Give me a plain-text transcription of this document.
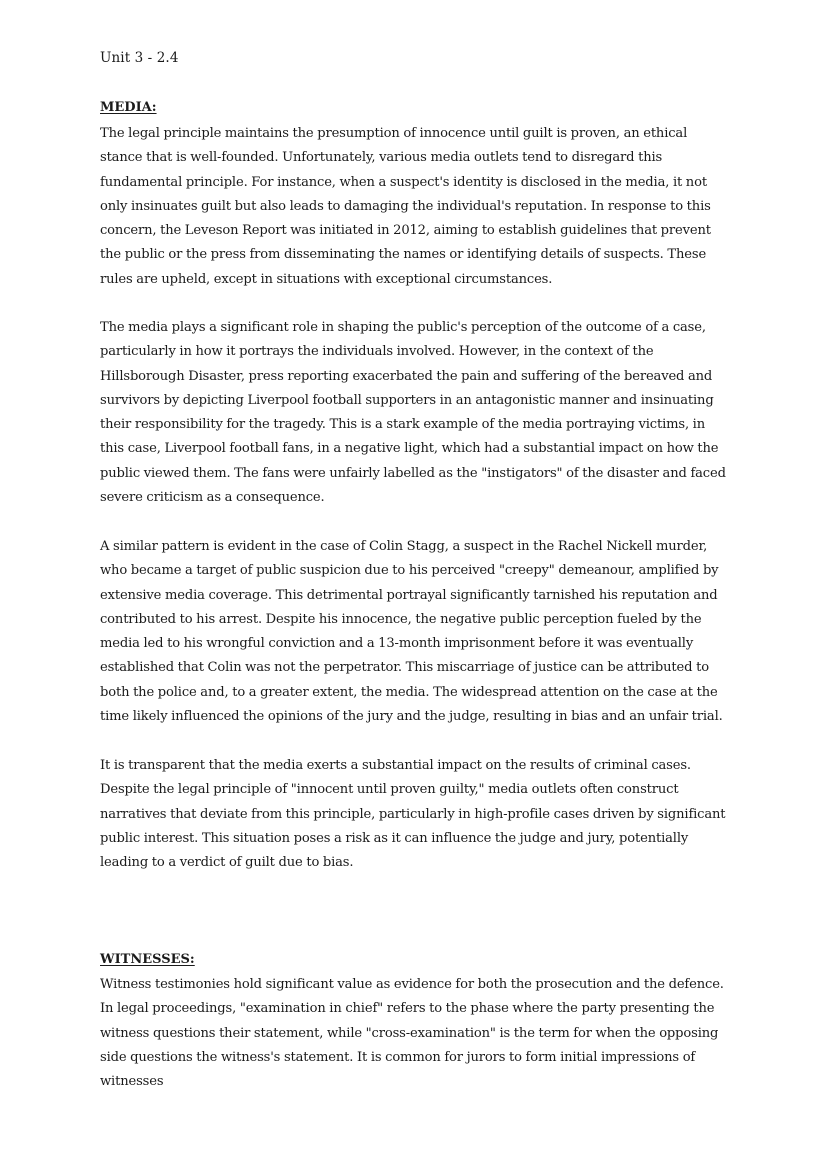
Unit 3 - 2.4
MEDIA:

The legal principle maintains the presumption of innocence until guilt is proven, an ethical stance that is well-founded. Unfortunately, various media outlets tend to disregard this fundamental principle. For instance, when a suspect's identity is disclosed in the media, it not only insinuates guilt but also leads to damaging the individual's reputation. In response to this concern, the Leveson Report was initiated in 2012, aiming to establish guidelines that prevent the public or the press from disseminating the names or identifying details of suspects. These rules are upheld, except in situations with exceptional circumstances.

The media plays a significant role in shaping the public's perception of the outcome of a case, particularly in how it portrays the individuals involved. However, in the context of the Hillsborough Disaster, press reporting exacerbated the pain and suffering of the bereaved and survivors by depicting Liverpool football supporters in an antagonistic manner and insinuating their responsibility for the tragedy. This is a stark example of the media portraying victims, in this case, Liverpool football fans, in a negative light, which had a substantial impact on how the public viewed them. The fans were unfairly labelled as the "instigators" of the disaster and faced severe criticism as a consequence.

A similar pattern is evident in the case of Colin Stagg, a suspect in the Rachel Nickell murder, who became a target of public suspicion due to his perceived "creepy" demeanour, amplified by extensive media coverage. This detrimental portrayal significantly tarnished his reputation and contributed to his arrest. Despite his innocence, the negative public perception fueled by the media led to his wrongful conviction and a 13-month imprisonment before it was eventually established that Colin was not the perpetrator. This miscarriage of justice can be attributed to both the police and, to a greater extent, the media. The widespread attention on the case at the time likely influenced the opinions of the jury and the judge, resulting in bias and an unfair trial.

It is transparent that the media exerts a substantial impact on the results of criminal cases. Despite the legal principle of "innocent until proven guilty," media outlets often construct narratives that deviate from this principle, particularly in high-profile cases driven by significant public interest. This situation poses a risk as it can influence the judge and jury, potentially leading to a verdict of guilt due to bias.

WITNESSES:

Witness testimonies hold significant value as evidence for both the prosecution and the defence. In legal proceedings, "examination in chief" refers to the phase where the party presenting the witness questions their statement, while "cross-examination" is the term for when the opposing side questions the witness's statement. It is common for jurors to form initial impressions of witnesses
